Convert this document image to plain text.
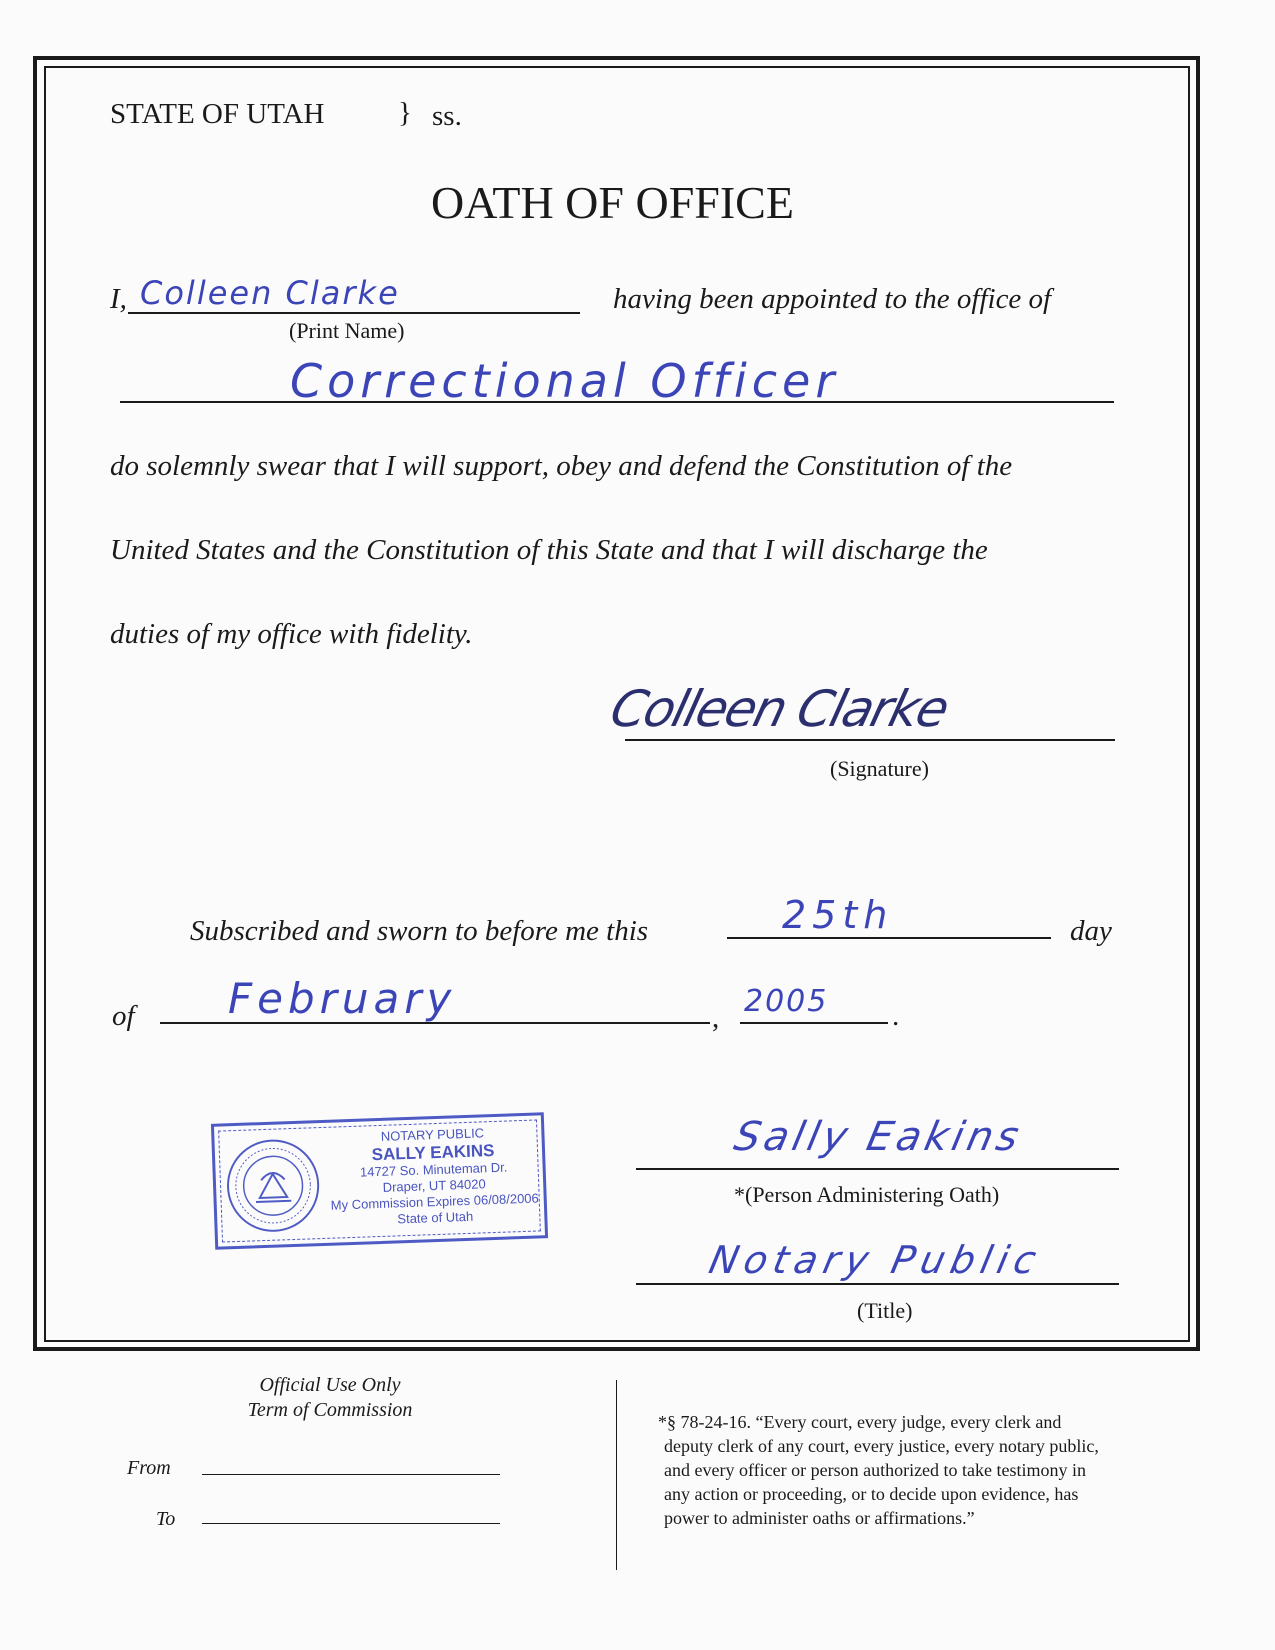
STATE OF UTAH	} ss.
OATH OF OFFICE
I, Colleen Clarke
(Print Name)
having been appointed to the office of
Correctional Officer
do solemnly swear that I will support, obey and defend the Constitution of the
United States and the Constitution of this State and that I will discharge the
duties of my office with fidelity.
Colleen Clarke
(Signature)
Subscribed and sworn to before me this	25th	day
of February	, 2005 .
NOTARY PUBLIC
SALLY EAKINS
14727 So. Minuteman Dr.
Draper, UT 84020
My Commission Expires 06/08/2006
State of Utah
Sally Eakins
*(Person Administering Oath)
Notary Public
(Title)
Official Use Only
Term of Commission
From
To
*§ 78-24-16. “Every court, every judge, every clerk and
deputy clerk of any court, every justice, every notary public,
and every officer or person authorized to take testimony in
any action or proceeding, or to decide upon evidence, has
power to administer oaths or affirmations.”
